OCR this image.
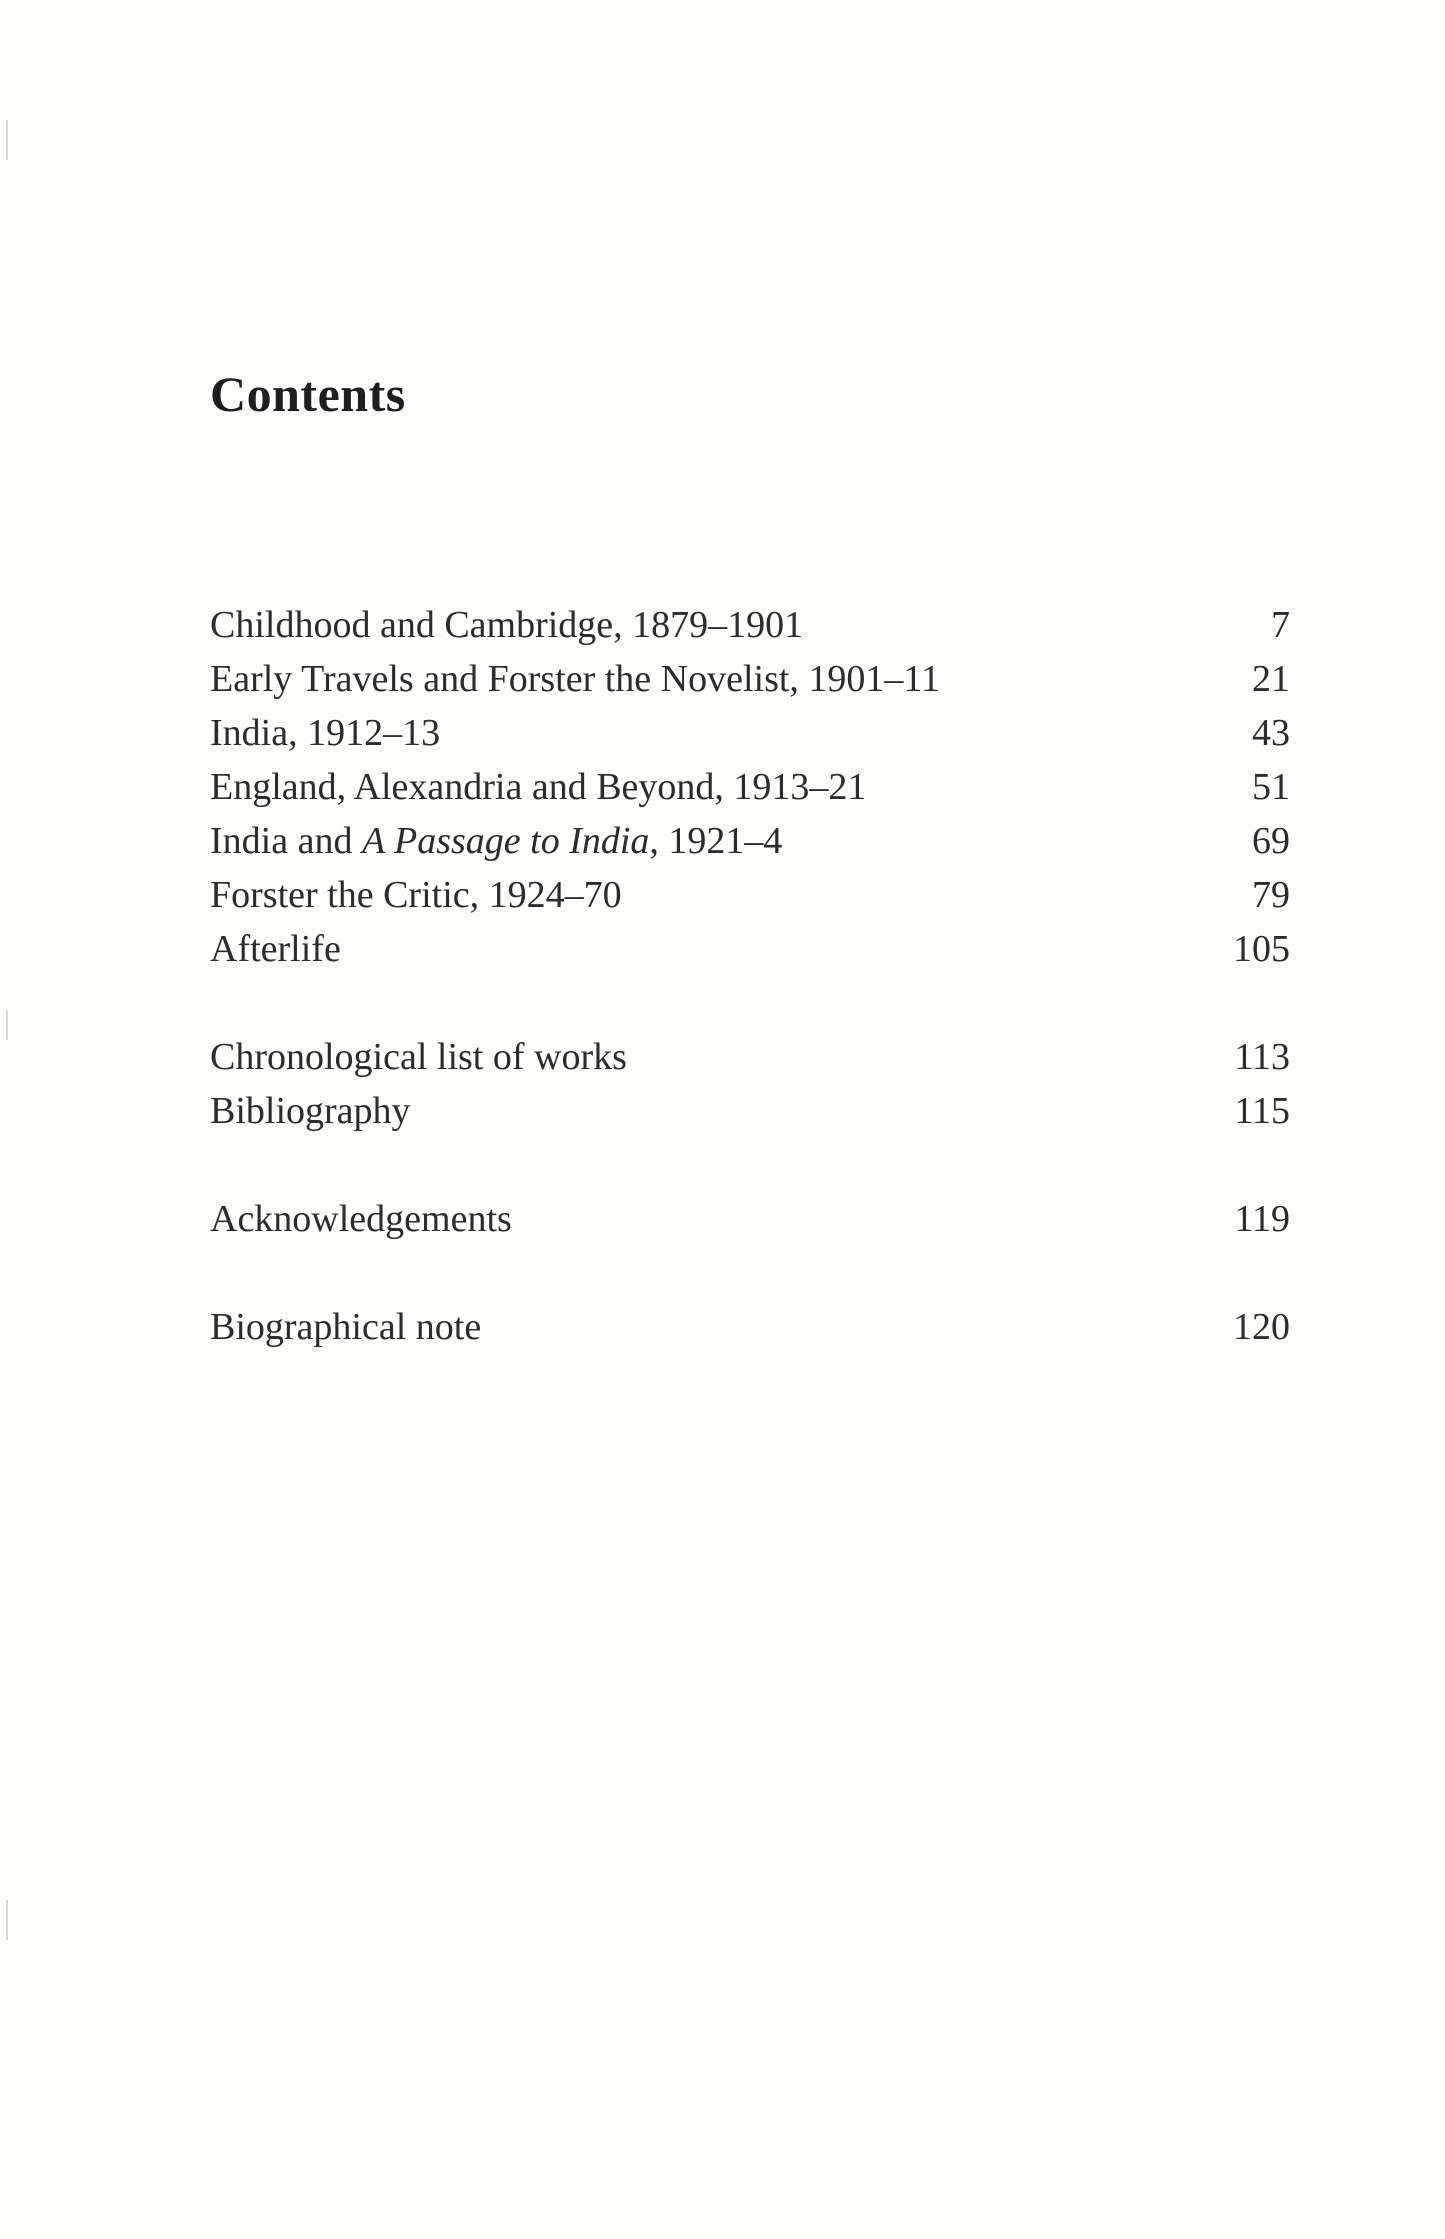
Contents
Childhood and Cambridge, 1879–1901	7
Early Travels and Forster the Novelist, 1901–11	21
India, 1912–13	43
England, Alexandria and Beyond, 1913–21	51
India and A Passage to India, 1921–4	69
Forster the Critic, 1924–70	79
Afterlife	105
Chronological list of works	113
Bibliography	115
Acknowledgements	119
Biographical note	120
